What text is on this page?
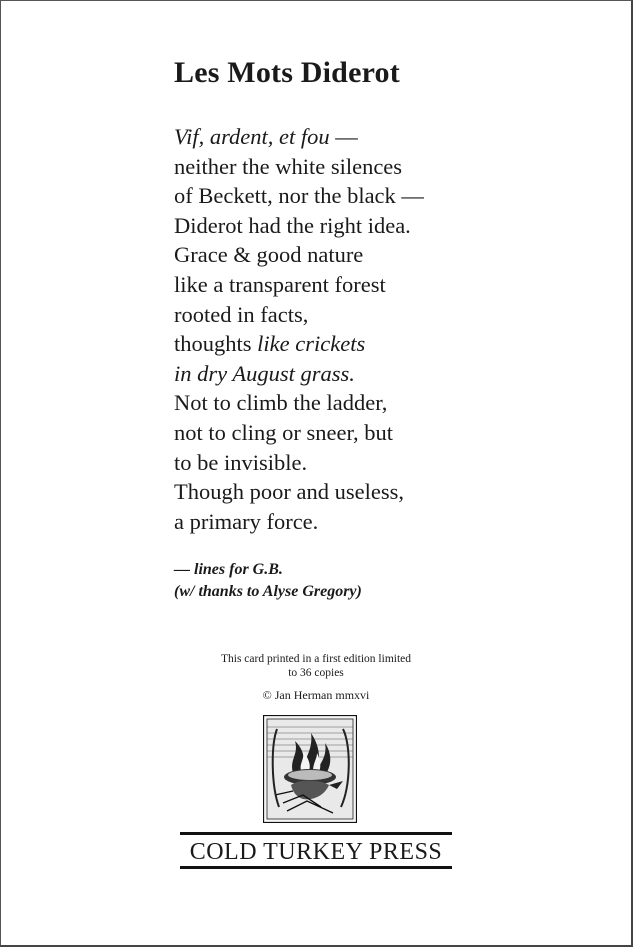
Les Mots Diderot
Vif, ardent, et fou —
neither the white silences
of Beckett, nor the black —
Diderot had the right idea.
Grace & good nature
like a transparent forest
rooted in facts,
thoughts like crickets
in dry August grass.
Not to climb the ladder,
not to cling or sneer, but
to be invisible.
Though poor and useless,
a primary force.
— lines for G.B.
(w/ thanks to Alyse Gregory)
This card printed in a first edition limited
to 36 copies
© Jan Herman mmxvi
COLD TURKEY PRESS
